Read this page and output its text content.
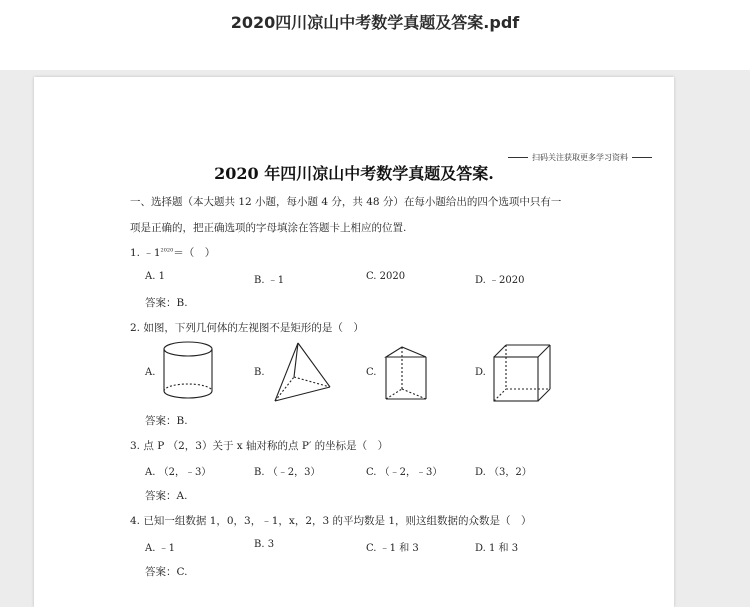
2020四川凉山中考数学真题及答案.pdf
扫码关注获取更多学习资料
2020 年四川凉山中考数学真题及答案.
一、选择题（本大题共 12 小题，每小题 4 分，共 48 分）在每小题给出的四个选项中只有一
项是正确的，把正确选项的字母填涂在答题卡上相应的位置.
1. $﹣1^{2020}=$（　）
A. 1	B. ﹣1	C. 2020	D. ﹣2020
答案：B.
2. 如图，下列几何体的左视图不是矩形的是（　）
A.	B.	C.	D.
答案：B.
3. 点 P （2，3）关于 x 轴对称的点 P′ 的坐标是（　）
A. （2，﹣3）	B. （﹣2，3）	C. （﹣2，﹣3）	D. （3，2）
答案：A.
4. 已知一组数据 1，0，3，﹣1，x，2，3 的平均数是 1，则这组数据的众数是（　）
A. ﹣1	B. 3	C. ﹣1 和 3	D. 1 和 3
答案：C.
